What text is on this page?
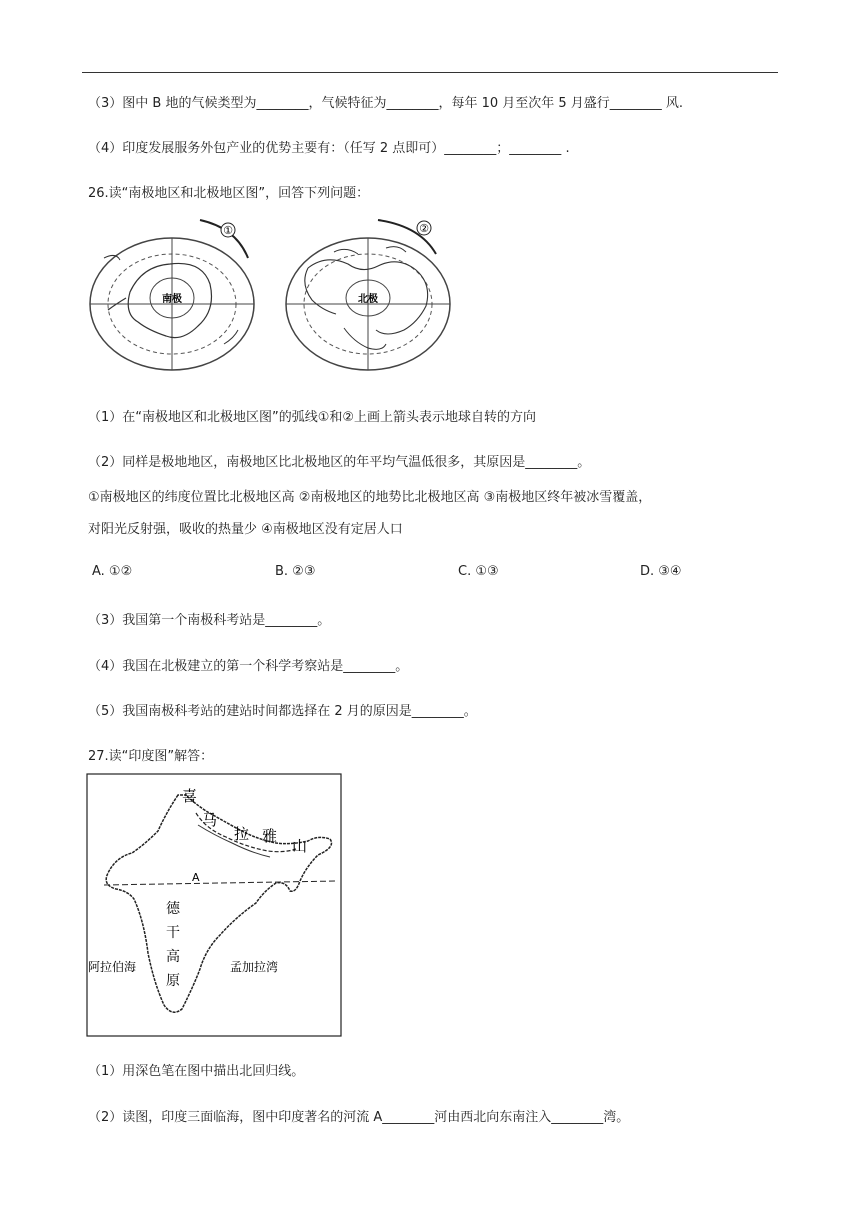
（3）图中 B 地的气候类型为________，气候特征为________，每年 10 月至次年 5 月盛行________ 风.
（4）印度发展服务外包产业的优势主要有：（任写 2 点即可）________；________ .
26.读“南极地区和北极地区图”，回答下列问题：
南极
①
北极
②
（1）在“南极地区和北极地区图”的弧线①和②上画上箭头表示地球自转的方向
（2）同样是极地地区，南极地区比北极地区的年平均气温低很多，其原因是________。
①南极地区的纬度位置比北极地区高 ②南极地区的地势比北极地区高 ③南极地区终年被冰雪覆盖，
对阳光反射强，吸收的热量少 ④南极地区没有定居人口
A. ①②	B. ②③	C. ①③	D. ③④
（3）我国第一个南极科考站是________。
（4）我国在北极建立的第一个科学考察站是________。
（5）我国南极科考站的建站时间都选择在 2 月的原因是________。
27.读“印度图”解答：
喜
马
拉 雅
山
A
德
干
高
原
阿拉伯海	孟加拉湾
（1）用深色笔在图中描出北回归线。
（2）读图，印度三面临海，图中印度著名的河流 A________河由西北向东南注入________湾。
